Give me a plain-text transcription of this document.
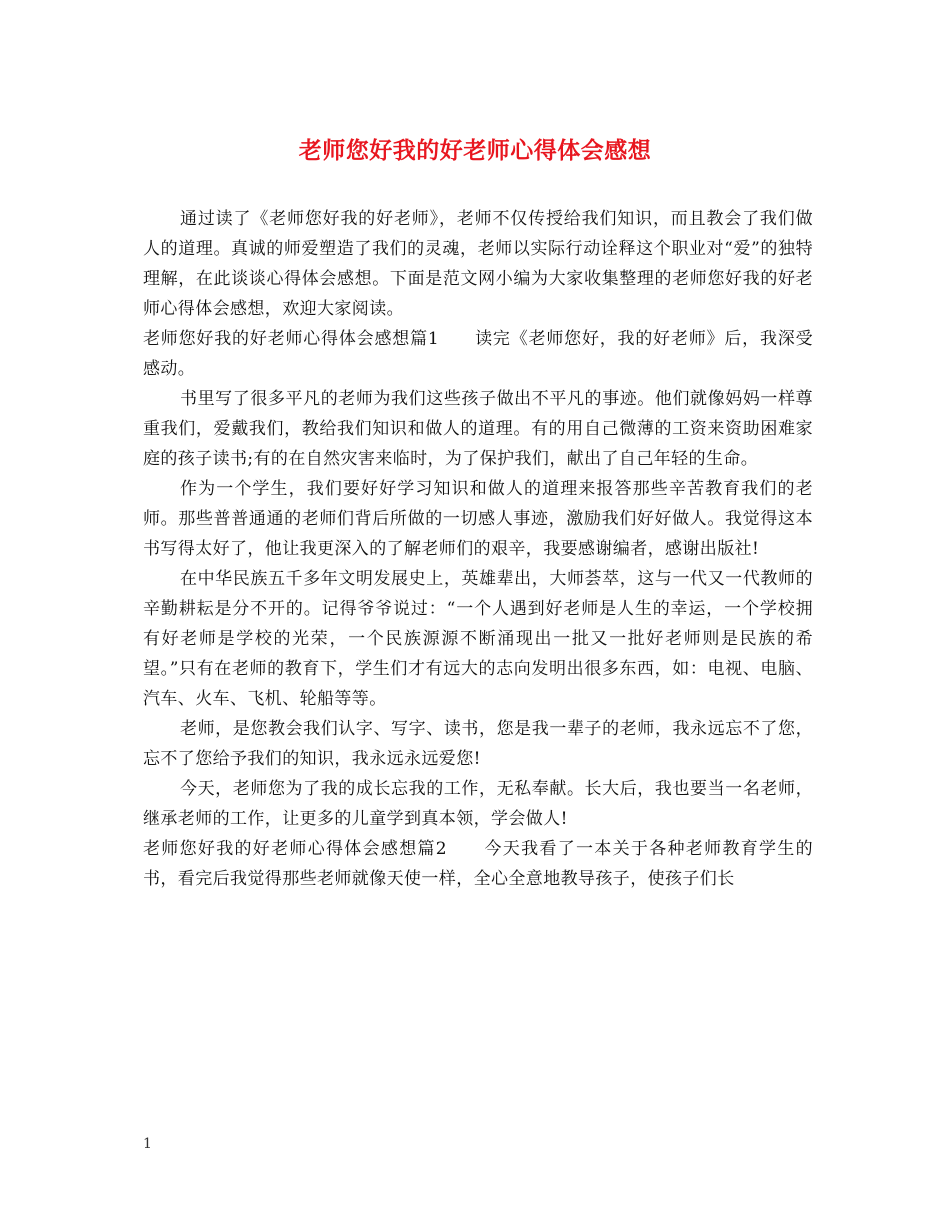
老师您好我的好老师心得体会感想

通过读了《老师您好我的好老师》，老师不仅传授给我们知识，而且教会了我们做人的道理。真诚的师爱塑造了我们的灵魂，老师以实际行动诠释这个职业对“爱”的独特理解，在此谈谈心得体会感想。下面是范文网小编为大家收集整理的老师您好我的好老师心得体会感想，欢迎大家阅读。

老师您好我的好老师心得体会感想篇1　　读完《老师您好，我的好老师》后，我深受感动。

书里写了很多平凡的老师为我们这些孩子做出不平凡的事迹。他们就像妈妈一样尊重我们，爱戴我们，教给我们知识和做人的道理。有的用自己微薄的工资来资助困难家庭的孩子读书;有的在自然灾害来临时，为了保护我们，献出了自己年轻的生命。

作为一个学生，我们要好好学习知识和做人的道理来报答那些辛苦教育我们的老师。那些普普通通的老师们背后所做的一切感人事迹，激励我们好好做人。我觉得这本书写得太好了，他让我更深入的了解老师们的艰辛，我要感谢编者，感谢出版社!

在中华民族五千多年文明发展史上，英雄辈出，大师荟萃，这与一代又一代教师的辛勤耕耘是分不开的。记得爷爷说过：“一个人遇到好老师是人生的幸运，一个学校拥有好老师是学校的光荣，一个民族源源不断涌现出一批又一批好老师则是民族的希望。”只有在老师的教育下，学生们才有远大的志向发明出很多东西，如：电视、电脑、汽车、火车、飞机、轮船等等。

老师，是您教会我们认字、写字、读书，您是我一辈子的老师，我永远忘不了您，忘不了您给予我们的知识，我永远永远爱您!

今天，老师您为了我的成长忘我的工作，无私奉献。长大后，我也要当一名老师，继承老师的工作，让更多的儿童学到真本领，学会做人!

老师您好我的好老师心得体会感想篇2　　今天我看了一本关于各种老师教育学生的书，看完后我觉得那些老师就像天使一样，全心全意地教导孩子，使孩子们长

1
